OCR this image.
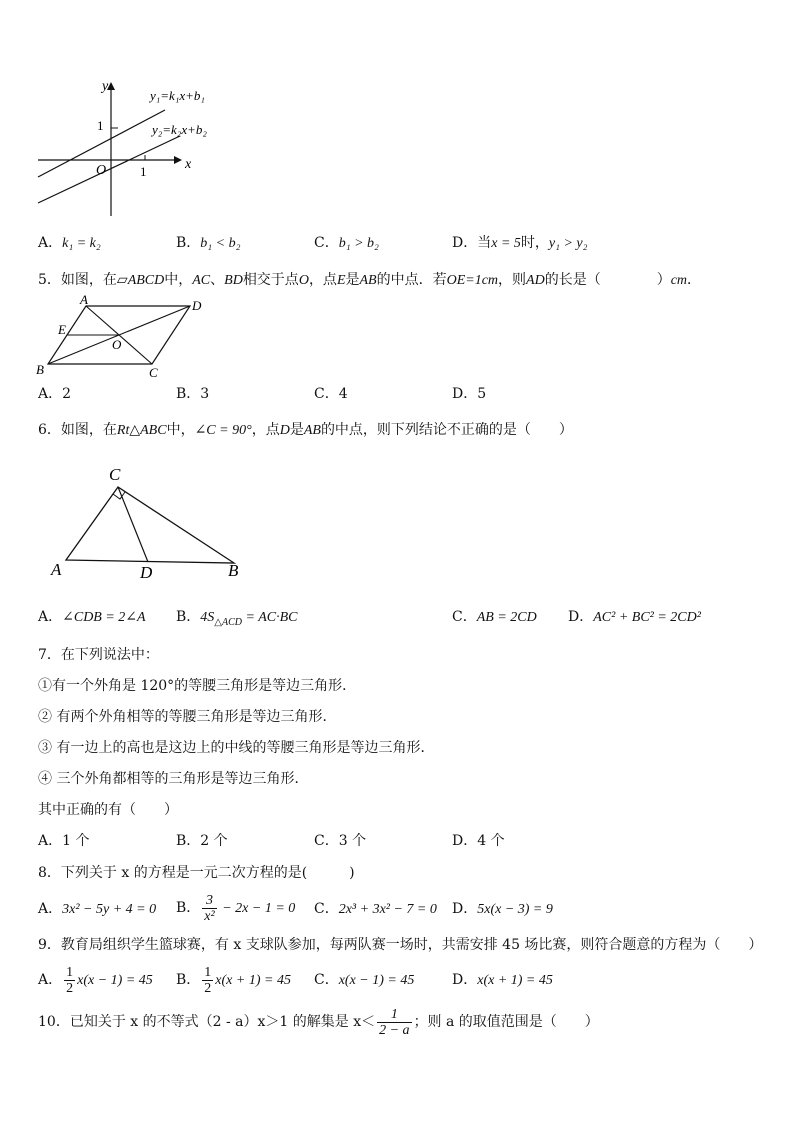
y
x
O
1
1
y₁=k₁x+b₁
y₂=k₂x+b₂
A．k₁ = k₂	B．b₁ < b₂	C．b₁ > b₂	D．当x = 5时，y₁ > y₂
5．如图，在▱ABCD中，AC、BD相交于点O，点E是AB的中点．若OE=1cm，则AD的长是（	）cm．
A	D
E
O
B	C
A．2	B．3	C．4	D．5
6．如图，在Rt△ABC中，∠C = 90°，点D是AB的中点，则下列结论不正确的是（　　）
C
A	D	B
A．∠CDB = 2∠A B．$4S_{\triangle ACD} = AC\cdot BC$	C．AB = 2CD D．AC² + BC² = 2CD²
7．在下列说法中：
①有一个外角是 120°的等腰三角形是等边三角形．
② 有两个外角相等的等腰三角形是等边三角形．
③ 有一边上的高也是这边上的中线的等腰三角形是等边三角形．
④ 三个外角都相等的三角形是等边三角形．
其中正确的有（　　）
A．1 个	B．2 个	C．3 个	D．4 个
8．下列关于 x 的方程是一元二次方程的是(　　　)
A．3x² − 5y + 4 = 0 B． $\frac{3}{\text{x²}} - 2x - 1 = 0$ C．2x³ + 3x² − 7 = 0 D．5x(x − 3) = 9
9．教育局组织学生篮球赛，有 x 支球队参加，每两队赛一场时，共需安排 45 场比赛，则符合题意的方程为（　　）
A． $\frac{1}{2} x(x - 1) = 45$ B． $\frac{1}{2} x(x + 1) = 45$ C．x(x − 1) = 45	D．x(x + 1) = 45
10．已知关于 x 的不等式（2 - a）x＞1 的解集是 $x< \frac{1}{2 - a}$ ；则 a 的取值范围是（　　）
